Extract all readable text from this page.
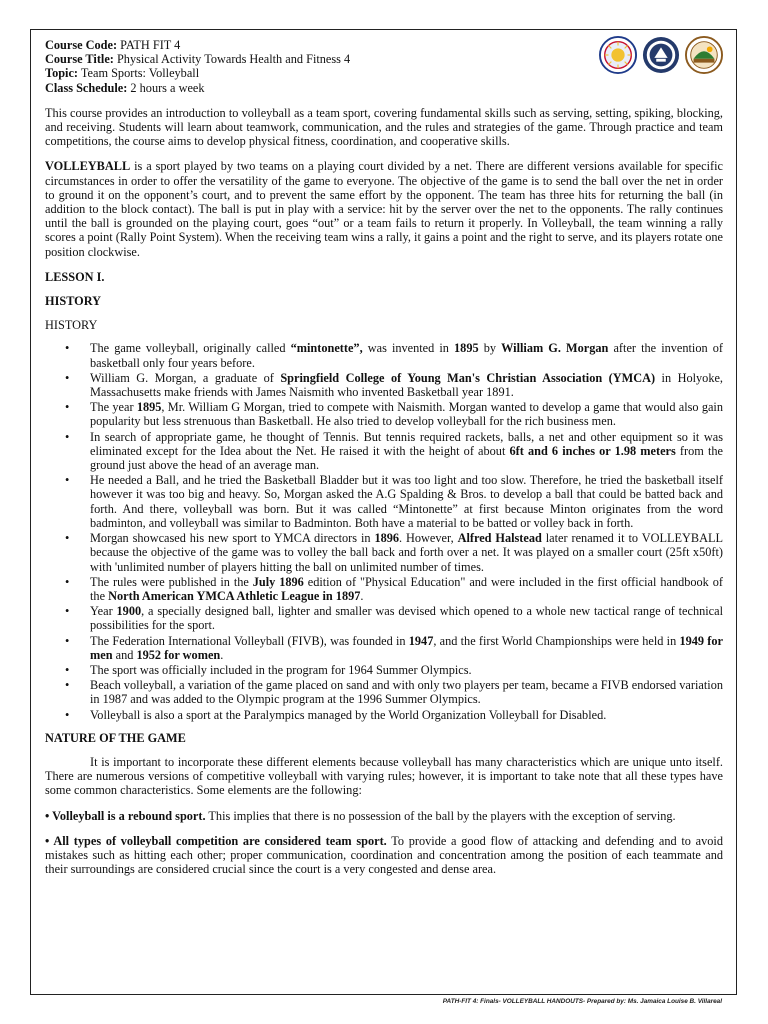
Course Code: PATH FIT 4

Course Title: Physical Activity Towards Health and Fitness 4

Topic: Team Sports: Volleyball

Class Schedule: 2 hours a week

This course provides an introduction to volleyball as a team sport, covering fundamental skills such as serving, setting, spiking, blocking, and receiving. Students will learn about teamwork, communication, and the rules and strategies of the game. Through practice and team competitions, the course aims to develop physical fitness, coordination, and cooperative skills.

VOLLEYBALL is a sport played by two teams on a playing court divided by a net. There are different versions available for specific circumstances in order to offer the versatility of the game to everyone. The objective of the game is to send the ball over the net in order to ground it on the opponent’s court, and to prevent the same effort by the opponent. The team has three hits for returning the ball (in addition to the block contact). The ball is put in play with a service: hit by the server over the net to the opponents. The rally continues until the ball is grounded on the playing court, goes “out” or a team fails to return it properly. In Volleyball, the team winning a rally scores a point (Rally Point System). When the receiving team wins a rally, it gains a point and the right to serve, and its players rotate one position clockwise.

LESSON I.

HISTORY

HISTORY

• The game volleyball, originally called “mintonette”, was invented in 1895 by William G. Morgan after the invention of basketball only four years before.
• William G. Morgan, a graduate of Springfield College of Young Man's Christian Association (YMCA) in Holyoke, Massachusetts make friends with James Naismith who invented Basketball year 1891.
• The year 1895, Mr. William G Morgan, tried to compete with Naismith. Morgan wanted to develop a game that would also gain popularity but less strenuous than Basketball. He also tried to develop volleyball for the rich business men.
• In search of appropriate game, he thought of Tennis. But tennis required rackets, balls, a net and other equipment so it was eliminated except for the Idea about the Net. He raised it with the height of about 6ft and 6 inches or 1.98 meters from the ground just above the head of an average man.
• He needed a Ball, and he tried the Basketball Bladder but it was too light and too slow. Therefore, he tried the basketball itself however it was too big and heavy. So, Morgan asked the A.G Spalding & Bros. to develop a ball that could be batted back and forth. And there, volleyball was born. But it was called “Mintonette” at first because Minton originates from the word badminton, and volleyball was similar to Badminton. Both have a material to be batted or volley back in forth.
• Morgan showcased his new sport to YMCA directors in 1896. However, Alfred Halstead later renamed it to VOLLEYBALL because the objective of the game was to volley the ball back and forth over a net. It was played on a smaller court (25ft x50ft) with 'unlimited number of players hitting the ball on unlimited number of times.
• The rules were published in the July 1896 edition of "Physical Education" and were included in the first official handbook of the North American YMCA Athletic League in 1897.
• Year 1900, a specially designed ball, lighter and smaller was devised which opened to a whole new tactical range of technical possibilities for the sport.
• The Federation International Volleyball (FIVB), was founded in 1947, and the first World Championships were held in 1949 for men and 1952 for women.
• The sport was officially included in the program for 1964 Summer Olympics.
• Beach volleyball, a variation of the game placed on sand and with only two players per team, became a FIVB endorsed variation in 1987 and was added to the Olympic program at the 1996 Summer Olympics.
• Volleyball is also a sport at the Paralympics managed by the World Organization Volleyball for Disabled.

NATURE OF THE GAME

It is important to incorporate these different elements because volleyball has many characteristics which are unique unto itself. There are numerous versions of competitive volleyball with varying rules; however, it is important to take note that all these types have some common characteristics. Some elements are the following:

• Volleyball is a rebound sport. This implies that there is no possession of the ball by the players with the exception of serving.

• All types of volleyball competition are considered team sport. To provide a good flow of attacking and defending and to avoid mistakes such as hitting each other; proper communication, coordination and concentration among the position of each teammate and their surroundings are considered crucial since the court is a very congested and dense area.

PATH-FIT 4: Finals- VOLLEYBALL HANDOUTS- Prepared by: Ms. Jamaica Louise B. Villareal
